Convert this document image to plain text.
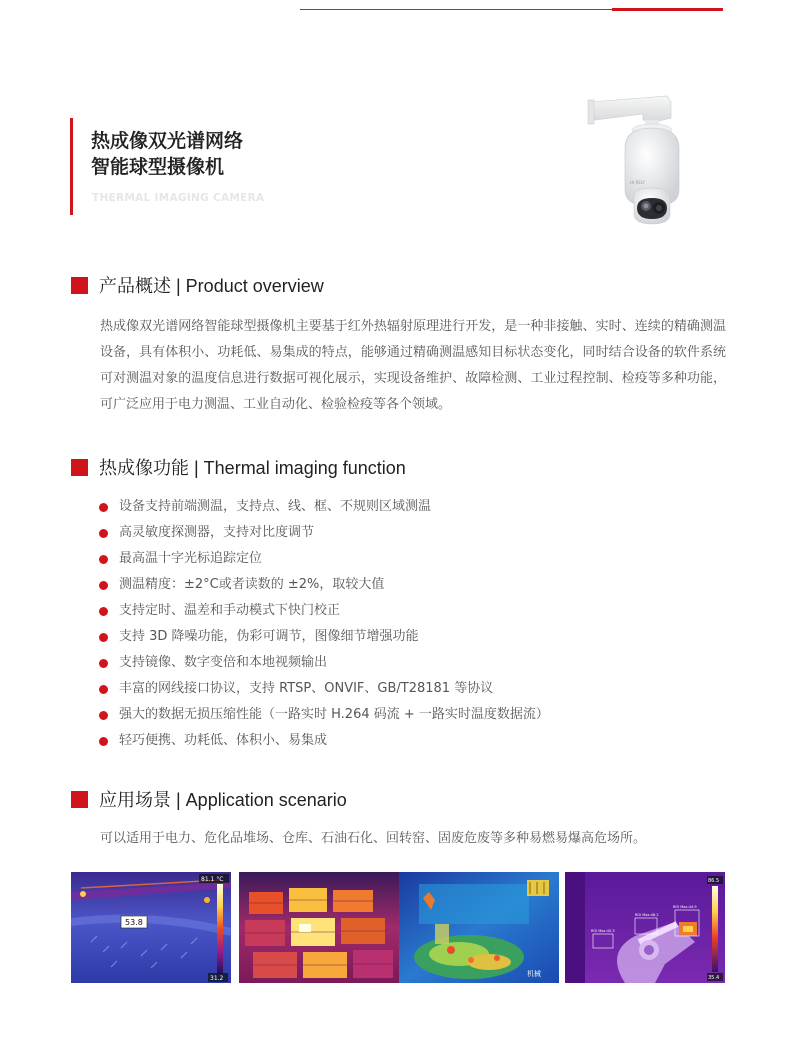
热成像双光谱网络
智能球型摄像机
THERMAL IMAGING CAMERA
HI-RELY
产品概述 | Product overview
热成像双光谱网络智能球型摄像机主要基于红外热辐射原理进行开发，是一种非接触、实时、连续的精确测温设备，具有体积小、功耗低、易集成的特点，能够通过精确测温感知目标状态变化，同时结合设备的软件系统可对测温对象的温度信息进行数据可视化展示，实现设备维护、故障检测、工业过程控制、检疫等多种功能， 可广泛应用于电力测温、工业自动化、检验检疫等各个领域。
热成像功能 | Thermal imaging function
设备支持前端测温，支持点、线、框、不规则区域测温
高灵敏度探测器，支持对比度调节
最高温十字光标追踪定位
测温精度：±2°C或者读数的 ±2%，取较大值
支持定时、温差和手动模式下快门校正
支持 3D 降噪功能，伪彩可调节，图像细节增强功能
支持镜像、数字变倍和本地视频输出
丰富的网线接口协议，支持 RTSP、ONVIF、GB/T28181 等协议
强大的数据无损压缩性能（一路实时 H.264 码流 + 一路实时温度数据流）
轻巧便携、功耗低、体积小、易集成
应用场景 | Application scenario
可以适用于电力、危化品堆场、仓库、石油石化、回转窑、固废危废等多种易燃易爆高危场所。
53.8
81.1 °C
31.2
机械
ROI Max:45.3
ROI Max:46.2
ROI Max:44.9
86.5
35.4
